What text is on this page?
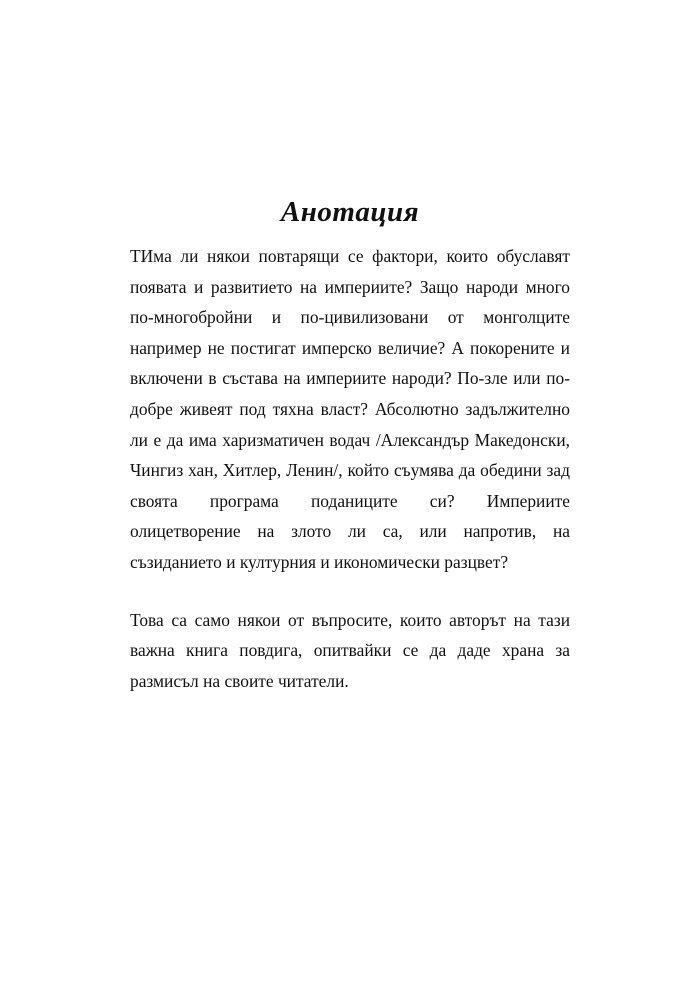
Анотация

ТИма ли някои повтарящи се фактори, които обуславят появата и развитието на империите? Защо народи много по-многобройни и по-цивилизовани от монголците например не постигат имперско величие? А покорените и включени в състава на империите народи? По-зле или по-добре живеят под тяхна власт? Абсолютно задължително ли е да има харизматичен водач /Александър Македонски, Чингиз хан, Хитлер, Ленин/, който съумява да обедини зад своята програма поданиците си? Империите олицетворение на злото ли са, или напротив, на съзиданието и културния и икономически разцвет?

Това са само някои от въпросите, които авторът на тази важна книга повдига, опитвайки се да даде храна за размисъл на своите читатели.
